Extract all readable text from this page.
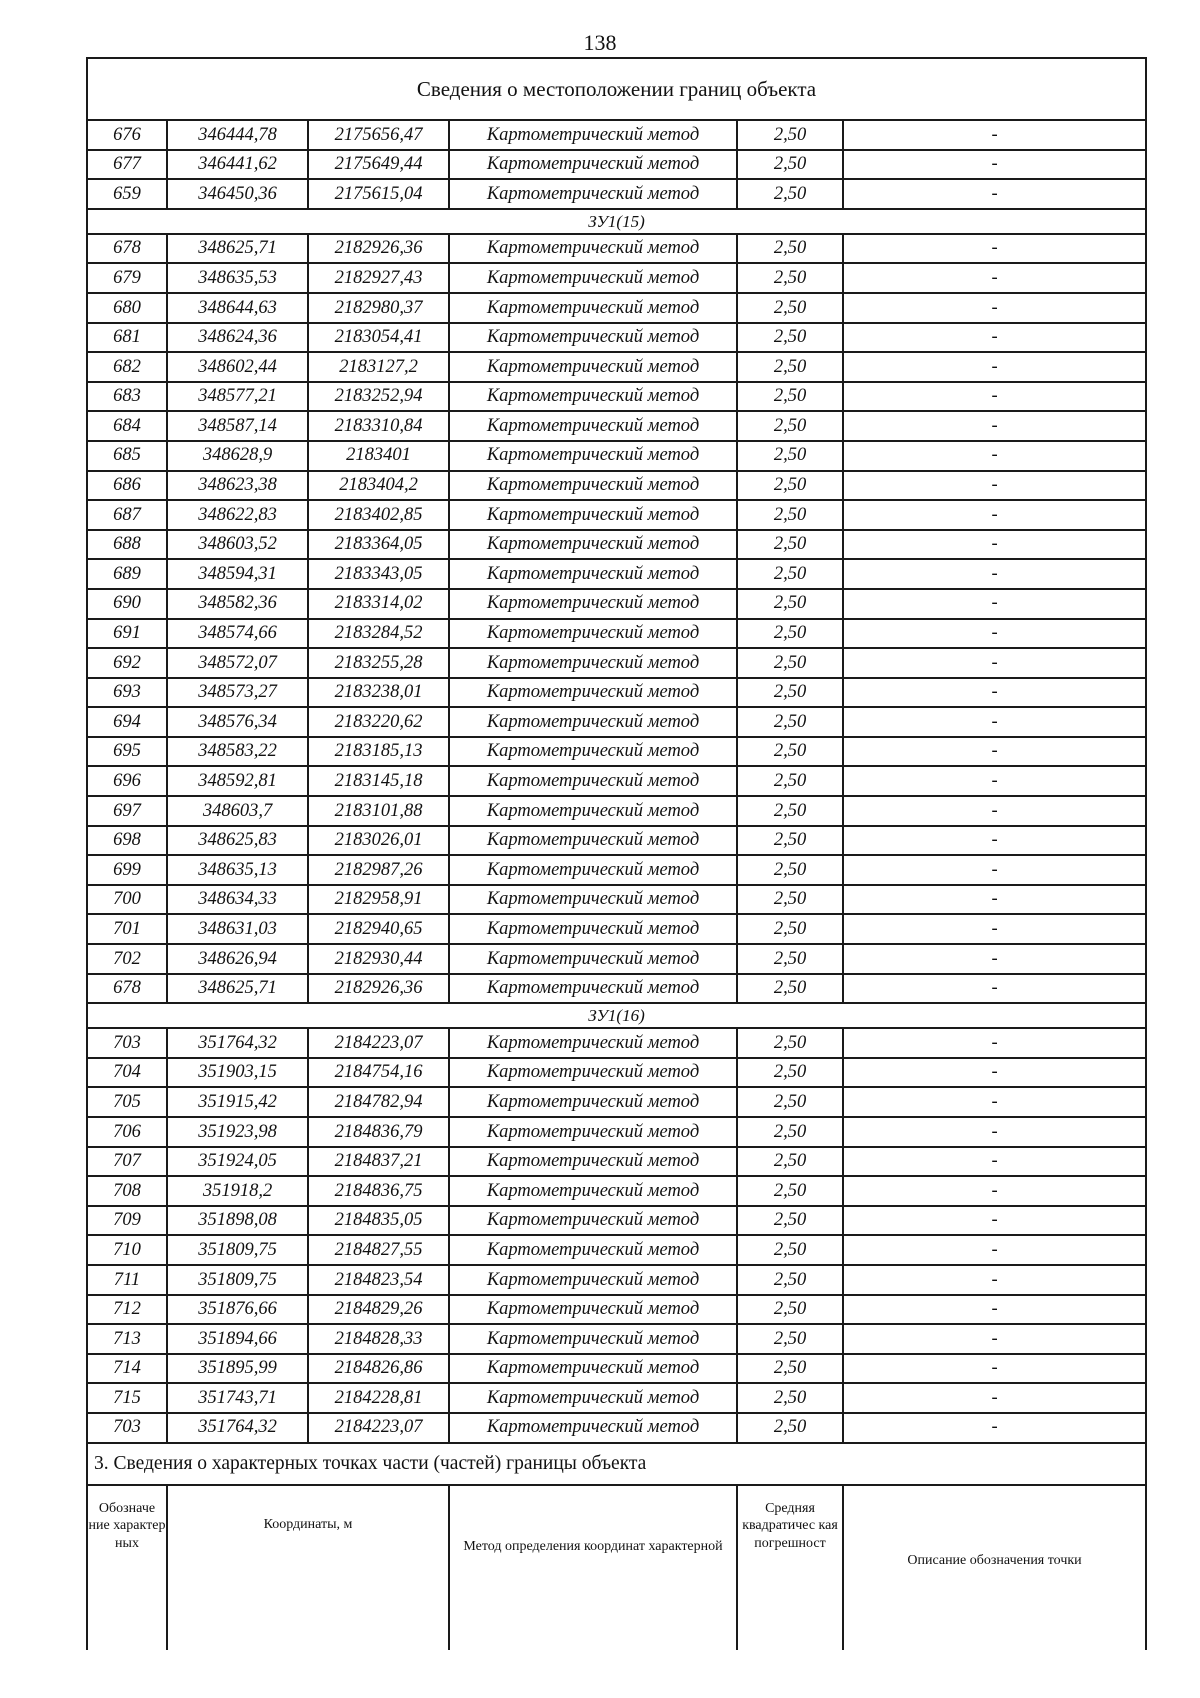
138
Сведения о местоположении границ объекта					
676	346444,78	2175656,47	Картометрический метод	2,50	-
677	346441,62	2175649,44	Картометрический метод	2,50	-
659	346450,36	2175615,04	Картометрический метод	2,50	-
ЗУ1(15)					
678	348625,71	2182926,36	Картометрический метод	2,50	-
679	348635,53	2182927,43	Картометрический метод	2,50	-
680	348644,63	2182980,37	Картометрический метод	2,50	-
681	348624,36	2183054,41	Картометрический метод	2,50	-
682	348602,44	2183127,2	Картометрический метод	2,50	-
683	348577,21	2183252,94	Картометрический метод	2,50	-
684	348587,14	2183310,84	Картометрический метод	2,50	-
685	348628,9	2183401	Картометрический метод	2,50	-
686	348623,38	2183404,2	Картометрический метод	2,50	-
687	348622,83	2183402,85	Картометрический метод	2,50	-
688	348603,52	2183364,05	Картометрический метод	2,50	-
689	348594,31	2183343,05	Картометрический метод	2,50	-
690	348582,36	2183314,02	Картометрический метод	2,50	-
691	348574,66	2183284,52	Картометрический метод	2,50	-
692	348572,07	2183255,28	Картометрический метод	2,50	-
693	348573,27	2183238,01	Картометрический метод	2,50	-
694	348576,34	2183220,62	Картометрический метод	2,50	-
695	348583,22	2183185,13	Картометрический метод	2,50	-
696	348592,81	2183145,18	Картометрический метод	2,50	-
697	348603,7	2183101,88	Картометрический метод	2,50	-
698	348625,83	2183026,01	Картометрический метод	2,50	-
699	348635,13	2182987,26	Картометрический метод	2,50	-
700	348634,33	2182958,91	Картометрический метод	2,50	-
701	348631,03	2182940,65	Картометрический метод	2,50	-
702	348626,94	2182930,44	Картометрический метод	2,50	-
678	348625,71	2182926,36	Картометрический метод	2,50	-
ЗУ1(16)					
703	351764,32	2184223,07	Картометрический метод	2,50	-
704	351903,15	2184754,16	Картометрический метод	2,50	-
705	351915,42	2184782,94	Картометрический метод	2,50	-
706	351923,98	2184836,79	Картометрический метод	2,50	-
707	351924,05	2184837,21	Картометрический метод	2,50	-
708	351918,2	2184836,75	Картометрический метод	2,50	-
709	351898,08	2184835,05	Картометрический метод	2,50	-
710	351809,75	2184827,55	Картометрический метод	2,50	-
711	351809,75	2184823,54	Картометрический метод	2,50	-
712	351876,66	2184829,26	Картометрический метод	2,50	-
713	351894,66	2184828,33	Картометрический метод	2,50	-
714	351895,99	2184826,86	Картометрический метод	2,50	-
715	351743,71	2184228,81	Картометрический метод	2,50	-
703	351764,32	2184223,07	Картометрический метод	2,50	-
3. Сведения о характерных точках части (частей) границы объекта					
Обозначе ние характер ных	Координаты, м		Метод определения координат характерной	Средняя квадратичес кая погрешност	Описание обозначения точки
